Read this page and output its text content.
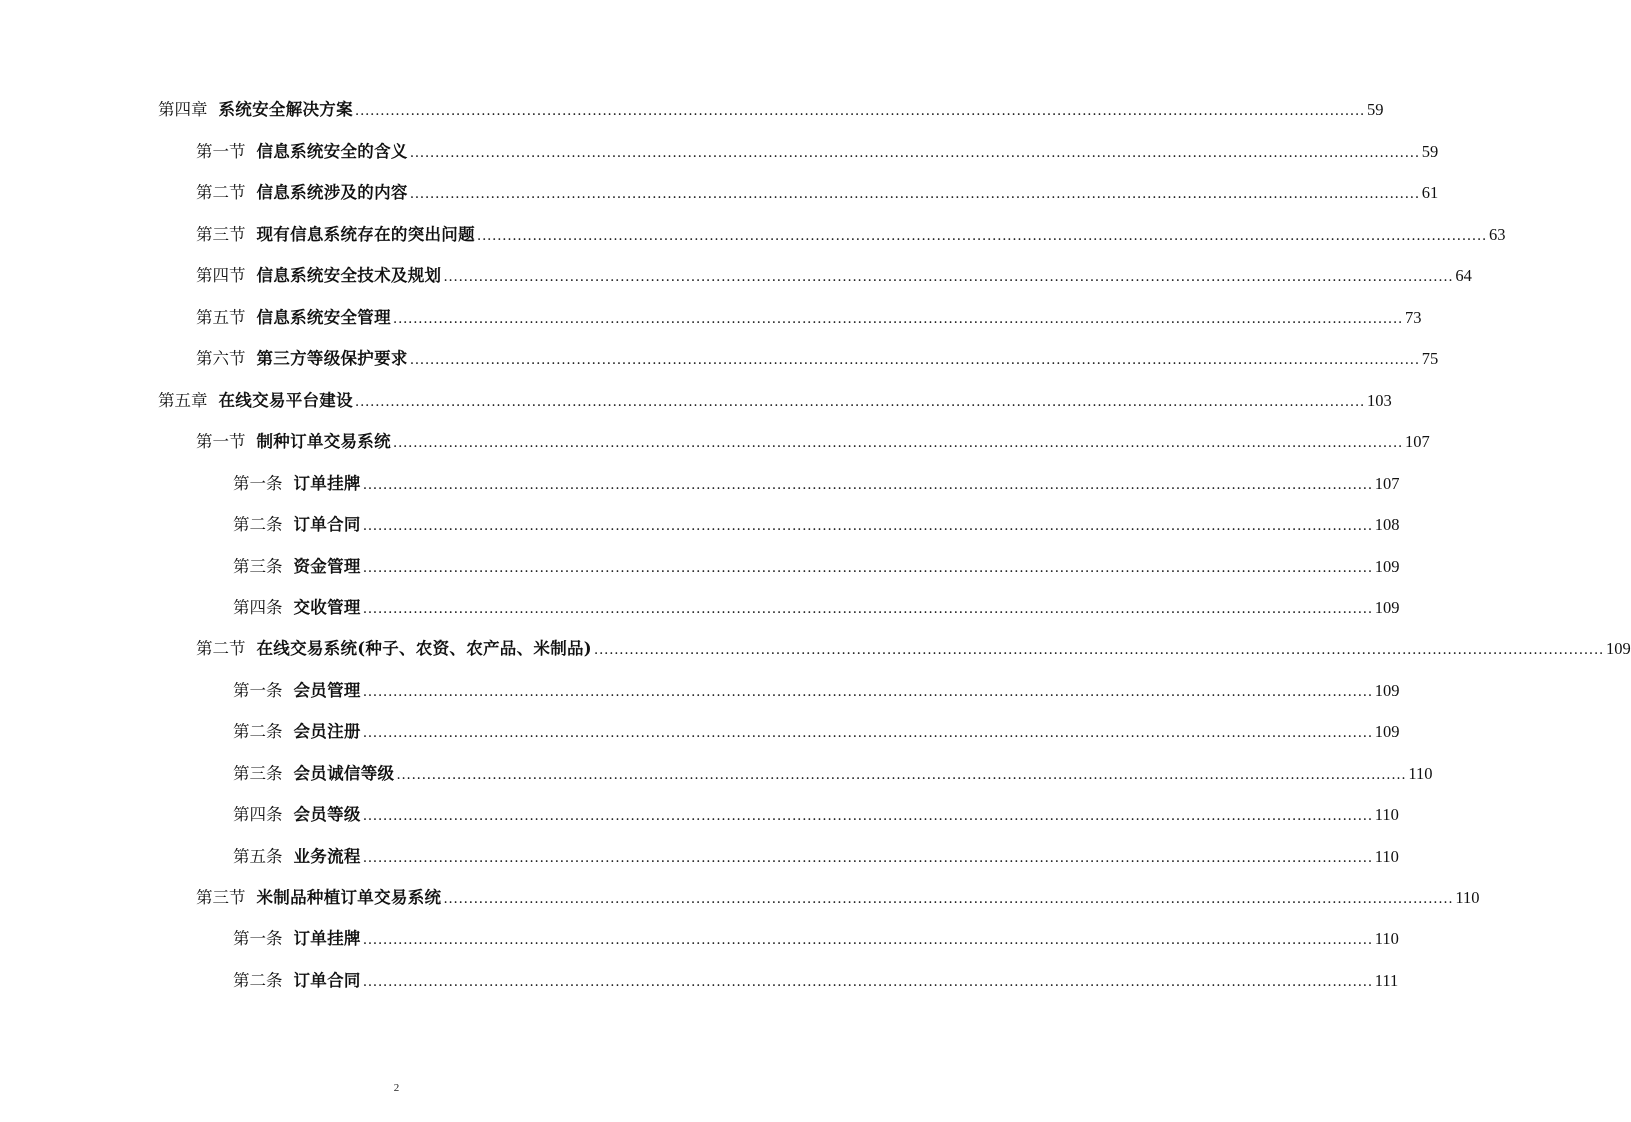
第四章 系统安全解决方案 ........................................................................................................................................................................................................ 59
第一节 信息系统安全的含义 ........................................................................................................................................................................................................ 59
第二节 信息系统涉及的内容 ........................................................................................................................................................................................................ 61
第三节 现有信息系统存在的突出问题 ........................................................................................................................................................................................................ 63
第四节 信息系统安全技术及规划 ........................................................................................................................................................................................................ 64
第五节 信息系统安全管理 ........................................................................................................................................................................................................ 73
第六节 第三方等级保护要求 ........................................................................................................................................................................................................ 75
第五章 在线交易平台建设 ........................................................................................................................................................................................................ 103
第一节 制种订单交易系统 ........................................................................................................................................................................................................ 107
第一条 订单挂牌 ........................................................................................................................................................................................................ 107
第二条 订单合同 ........................................................................................................................................................................................................ 108
第三条 资金管理 ........................................................................................................................................................................................................ 109
第四条 交收管理 ........................................................................................................................................................................................................ 109
第二节 在线交易系统(种子、农资、农产品、米制品) ........................................................................................................................................................................................................ 109
第一条 会员管理 ........................................................................................................................................................................................................ 109
第二条 会员注册 ........................................................................................................................................................................................................ 109
第三条 会员诚信等级 ........................................................................................................................................................................................................ 110
第四条 会员等级 ........................................................................................................................................................................................................ 110
第五条 业务流程 ........................................................................................................................................................................................................ 110
第三节 米制品种植订单交易系统 ........................................................................................................................................................................................................ 110
第一条 订单挂牌 ........................................................................................................................................................................................................ 110
第二条 订单合同 ........................................................................................................................................................................................................ 111
2
